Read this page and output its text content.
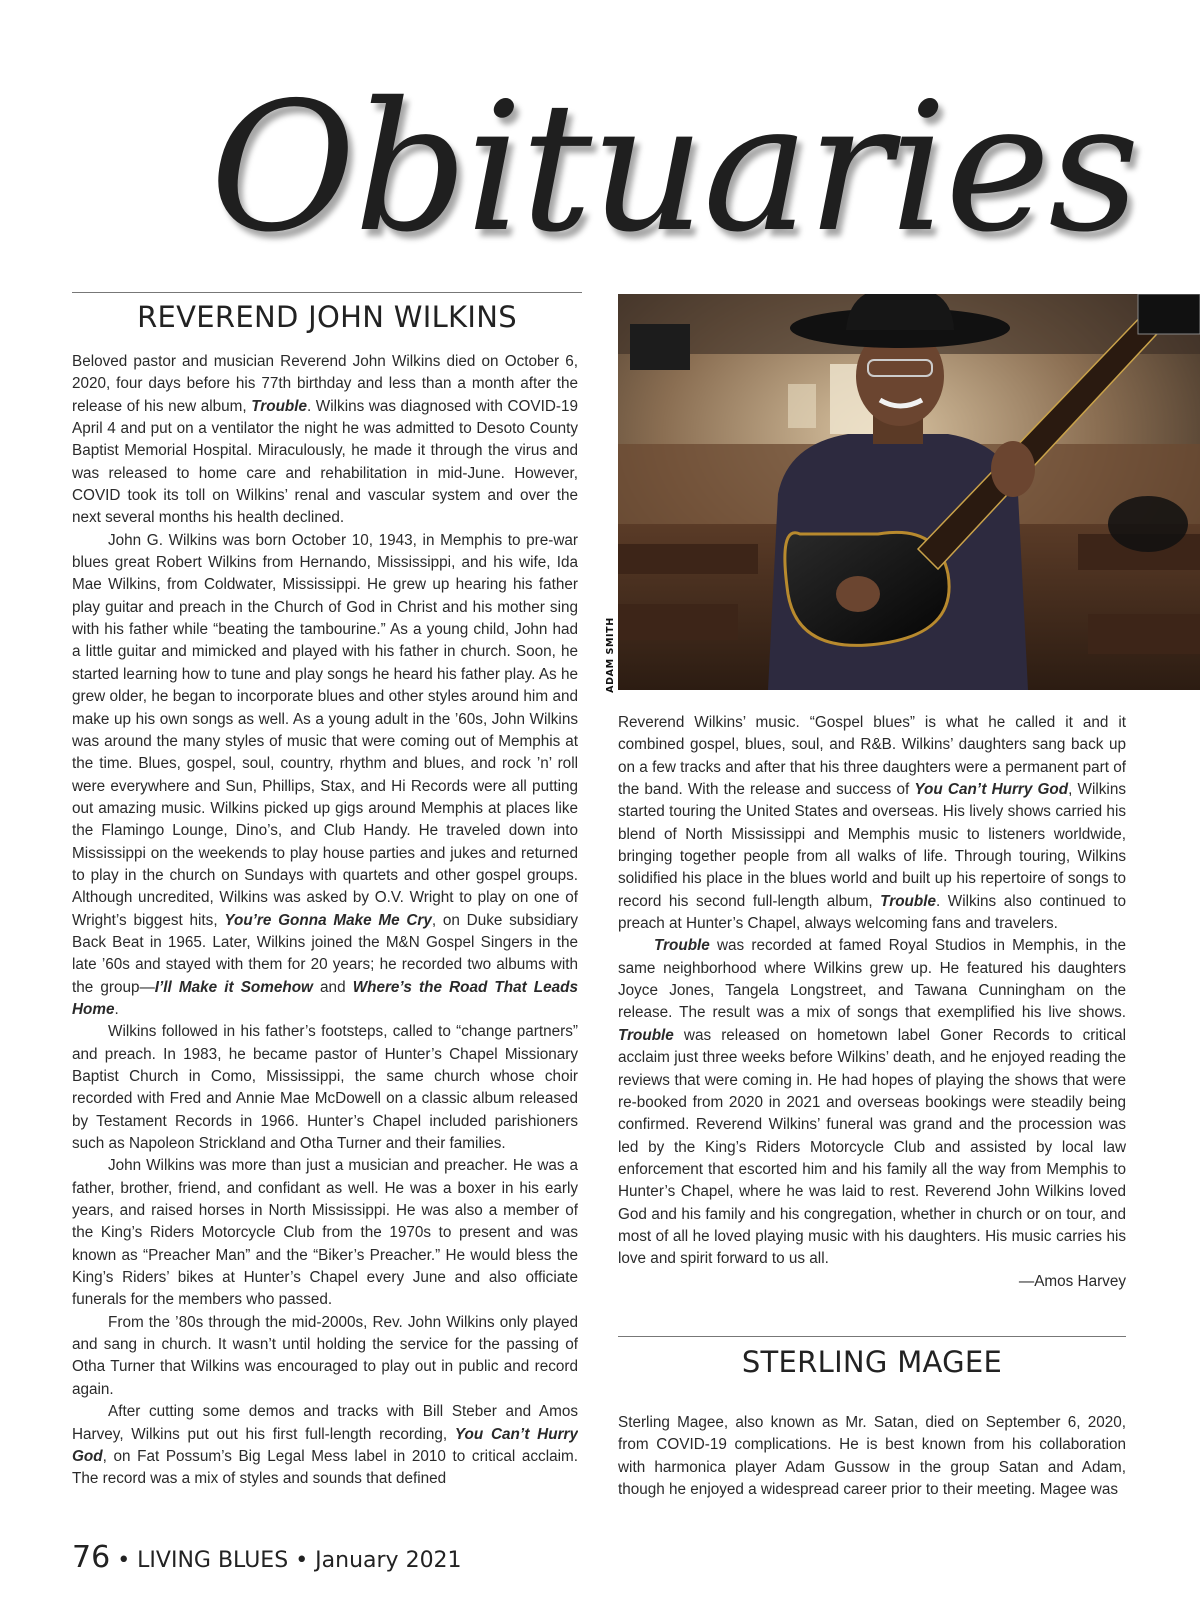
Obituaries
REVEREND JOHN WILKINS

Beloved pastor and musician Reverend John Wilkins died on October 6, 2020, four days before his 77th birthday and less than a month after the release of his new album, Trouble. Wilkins was diagnosed with COVID-19 April 4 and put on a ventilator the night he was admitted to Desoto County Baptist Memorial Hospital. Miraculously, he made it through the virus and was released to home care and rehabilitation in mid-June. However, COVID took its toll on Wilkins’ renal and vascular system and over the next several months his health declined.

John G. Wilkins was born October 10, 1943, in Memphis to pre-war blues great Robert Wilkins from Hernando, Mississippi, and his wife, Ida Mae Wilkins, from Coldwater, Mississippi. He grew up hearing his father play guitar and preach in the Church of God in Christ and his mother sing with his father while “beating the tambourine.” As a young child, John had a little guitar and mimicked and played with his father in church. Soon, he started learning how to tune and play songs he heard his father play. As he grew older, he began to incorporate blues and other styles around him and make up his own songs as well. As a young adult in the ’60s, John Wilkins was around the many styles of music that were coming out of Memphis at the time. Blues, gospel, soul, country, rhythm and blues, and rock ’n’ roll were everywhere and Sun, Phillips, Stax, and Hi Records were all putting out amazing music. Wilkins picked up gigs around Memphis at places like the Flamingo Lounge, Dino’s, and Club Handy. He traveled down into Mississippi on the weekends to play house parties and jukes and returned to play in the church on Sundays with quartets and other gospel groups. Although uncredited, Wilkins was asked by O.V. Wright to play on one of Wright’s biggest hits, You’re Gonna Make Me Cry, on Duke subsidiary Back Beat in 1965. Later, Wilkins joined the M&N Gospel Singers in the late ’60s and stayed with them for 20 years; he recorded two albums with the group—I’ll Make it Somehow and Where’s the Road That Leads Home.

Wilkins followed in his father’s footsteps, called to “change partners” and preach. In 1983, he became pastor of Hunter’s Chapel Missionary Baptist Church in Como, Mississippi, the same church whose choir recorded with Fred and Annie Mae McDowell on a classic album released by Testament Records in 1966. Hunter’s Chapel included parishioners such as Napoleon Strickland and Otha Turner and their families.

John Wilkins was more than just a musician and preacher. He was a father, brother, friend, and confidant as well. He was a boxer in his early years, and raised horses in North Mississippi. He was also a member of the King’s Riders Motorcycle Club from the 1970s to present and was known as “Preacher Man” and the “Biker’s Preacher.” He would bless the King’s Riders’ bikes at Hunter’s Chapel every June and also officiate funerals for the members who passed.

From the ’80s through the mid-2000s, Rev. John Wilkins only played and sang in church. It wasn’t until holding the service for the passing of Otha Turner that Wilkins was encouraged to play out in public and record again.

After cutting some demos and tracks with Bill Steber and Amos Harvey, Wilkins put out his first full-length recording, You Can’t Hurry God, on Fat Possum’s Big Legal Mess label in 2010 to critical acclaim. The record was a mix of styles and sounds that defined

ADAM SMITH

Reverend Wilkins’ music. “Gospel blues” is what he called it and it combined gospel, blues, soul, and R&B. Wilkins’ daughters sang back up on a few tracks and after that his three daughters were a permanent part of the band. With the release and success of You Can’t Hurry God, Wilkins started touring the United States and overseas. His lively shows carried his blend of North Mississippi and Memphis music to listeners worldwide, bringing together people from all walks of life. Through touring, Wilkins solidified his place in the blues world and built up his repertoire of songs to record his second full-length album, Trouble. Wilkins also continued to preach at Hunter’s Chapel, always welcoming fans and travelers.

Trouble was recorded at famed Royal Studios in Memphis, in the same neighborhood where Wilkins grew up. He featured his daughters Joyce Jones, Tangela Longstreet, and Tawana Cunningham on the release. The result was a mix of songs that exemplified his live shows. Trouble was released on hometown label Goner Records to critical acclaim just three weeks before Wilkins’ death, and he enjoyed reading the reviews that were coming in. He had hopes of playing the shows that were re-booked from 2020 in 2021 and overseas bookings were steadily being confirmed. Reverend Wilkins’ funeral was grand and the procession was led by the King’s Riders Motorcycle Club and assisted by local law enforcement that escorted him and his family all the way from Memphis to Hunter’s Chapel, where he was laid to rest. Reverend John Wilkins loved God and his family and his congregation, whether in church or on tour, and most of all he loved playing music with his daughters. His music carries his love and spirit forward to us all.

—Amos Harvey

STERLING MAGEE

Sterling Magee, also known as Mr. Satan, died on September 6, 2020, from COVID-19 complications. He is best known from his collaboration with harmonica player Adam Gussow in the group Satan and Adam, though he enjoyed a widespread career prior to their meeting. Magee was

76 • LIVING BLUES • January 2021
